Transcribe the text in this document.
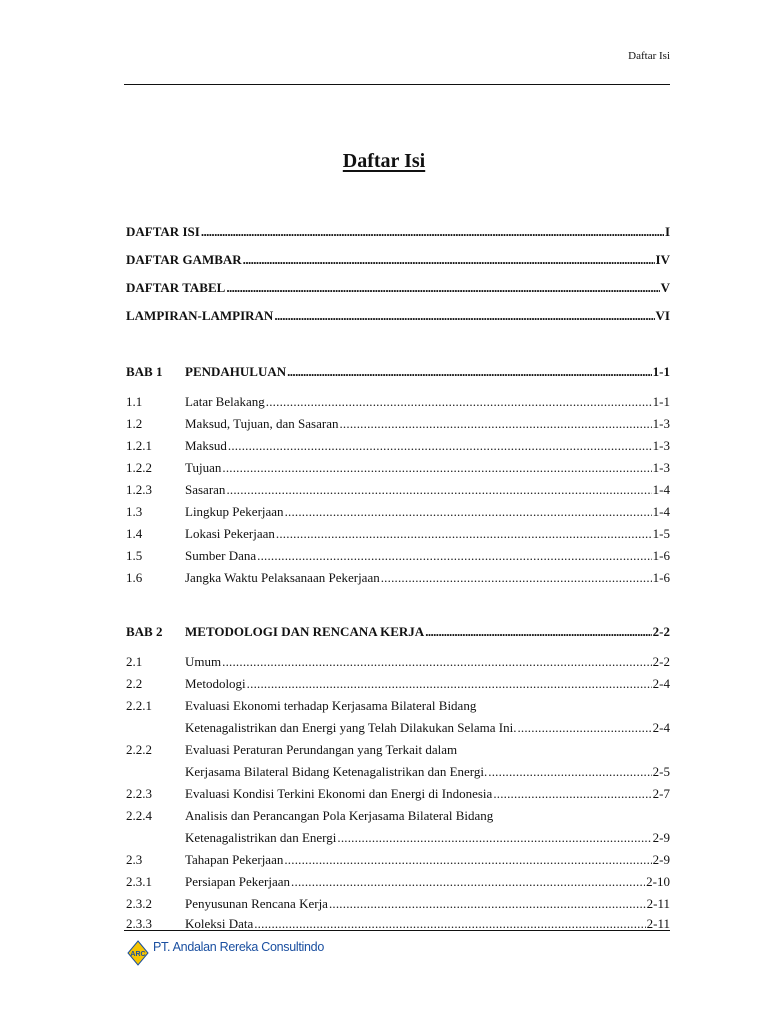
Daftar Isi
Daftar Isi
DAFTAR ISI .....	I
DAFTAR GAMBAR .....	IV
DAFTAR TABEL .....	V
LAMPIRAN-LAMPIRAN .....	VI
BAB 1	PENDAHULUAN .....	1-1
1.1	Latar Belakang .....	1-1
1.2	Maksud, Tujuan, dan Sasaran .....	1-3
1.2.1	Maksud .....	1-3
1.2.2	Tujuan .....	1-3
1.2.3	Sasaran .....	1-4
1.3	Lingkup Pekerjaan .....	1-4
1.4	Lokasi Pekerjaan .....	1-5
1.5	Sumber Dana .....	1-6
1.6	Jangka Waktu Pelaksanaan Pekerjaan .....	1-6
BAB 2	METODOLOGI DAN RENCANA KERJA .....	2-2
2.1	Umum .....	2-2
2.2	Metodologi .....	2-4
2.2.1	Evaluasi Ekonomi terhadap Kerjasama Bilateral Bidang
Ketenagalistrikan dan Energi yang Telah Dilakukan Selama Ini. .....	2-4
2.2.2	Evaluasi Peraturan Perundangan yang Terkait dalam
Kerjasama Bilateral Bidang Ketenagalistrikan dan Energi. .....	2-5
2.2.3	Evaluasi Kondisi Terkini Ekonomi dan Energi di Indonesia .....	2-7
2.2.4	Analisis dan Perancangan Pola Kerjasama Bilateral Bidang
Ketenagalistrikan dan Energi .....	2-9
2.3	Tahapan Pekerjaan .....	2-9
2.3.1	Persiapan Pekerjaan .....	2-10
2.3.2	Penyusunan Rencana Kerja .....	2-11
2.3.3	Koleksi Data .....	2-11
ARC
PT. Andalan Rereka Consultindo
